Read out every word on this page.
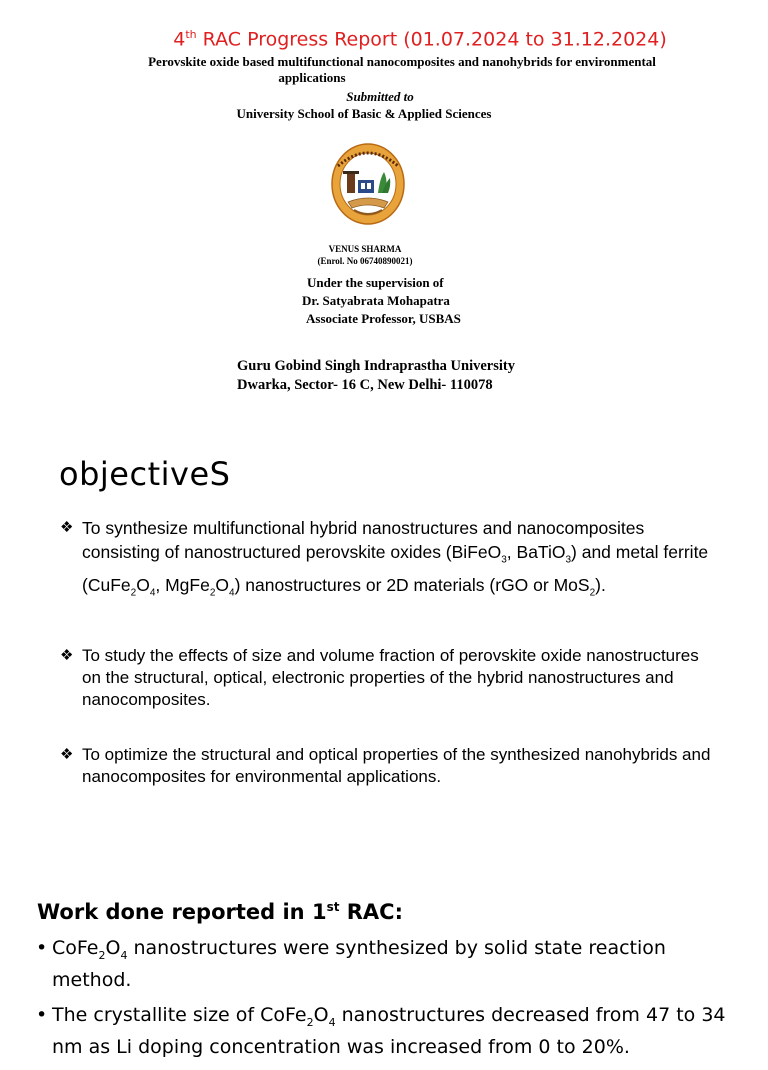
4th RAC Progress Report (01.07.2024 to 31.12.2024)
Perovskite oxide based multifunctional nanocomposites and nanohybrids for environmental
applications
Submitted to
University School of Basic & Applied Sciences
VENUS SHARMA
(Enrol. No 06740890021)
Under the supervision of
Dr. Satyabrata Mohapatra
Associate Professor, USBAS
Guru Gobind Singh Indraprastha University
Dwarka, Sector- 16 C, New Delhi- 110078
objectiveS
❖ To synthesize multifunctional hybrid nanostructures and nanocomposites consisting of nanostructured perovskite oxides (BiFeO$_3$, BaTiO$_3$) and metal ferrite ($CuFe_2O_4$, $MgFe_2O_4$) nanostructures or 2D materials (rGO or MoS$_2$).
❖ To study the effects of size and volume fraction of perovskite oxide nanostructures on the structural, optical, electronic properties of the hybrid nanostructures and nanocomposites.
❖ To optimize the structural and optical properties of the synthesized nanohybrids and nanocomposites for environmental applications.
Work done reported in 1st RAC:
• $CoFe_2O_4$ nanostructures were synthesized by solid state reaction method.
• The crystallite size of $CoFe_2O_4$ nanostructures decreased from 47 to 34 nm as Li doping concentration was increased from 0 to 20%.
